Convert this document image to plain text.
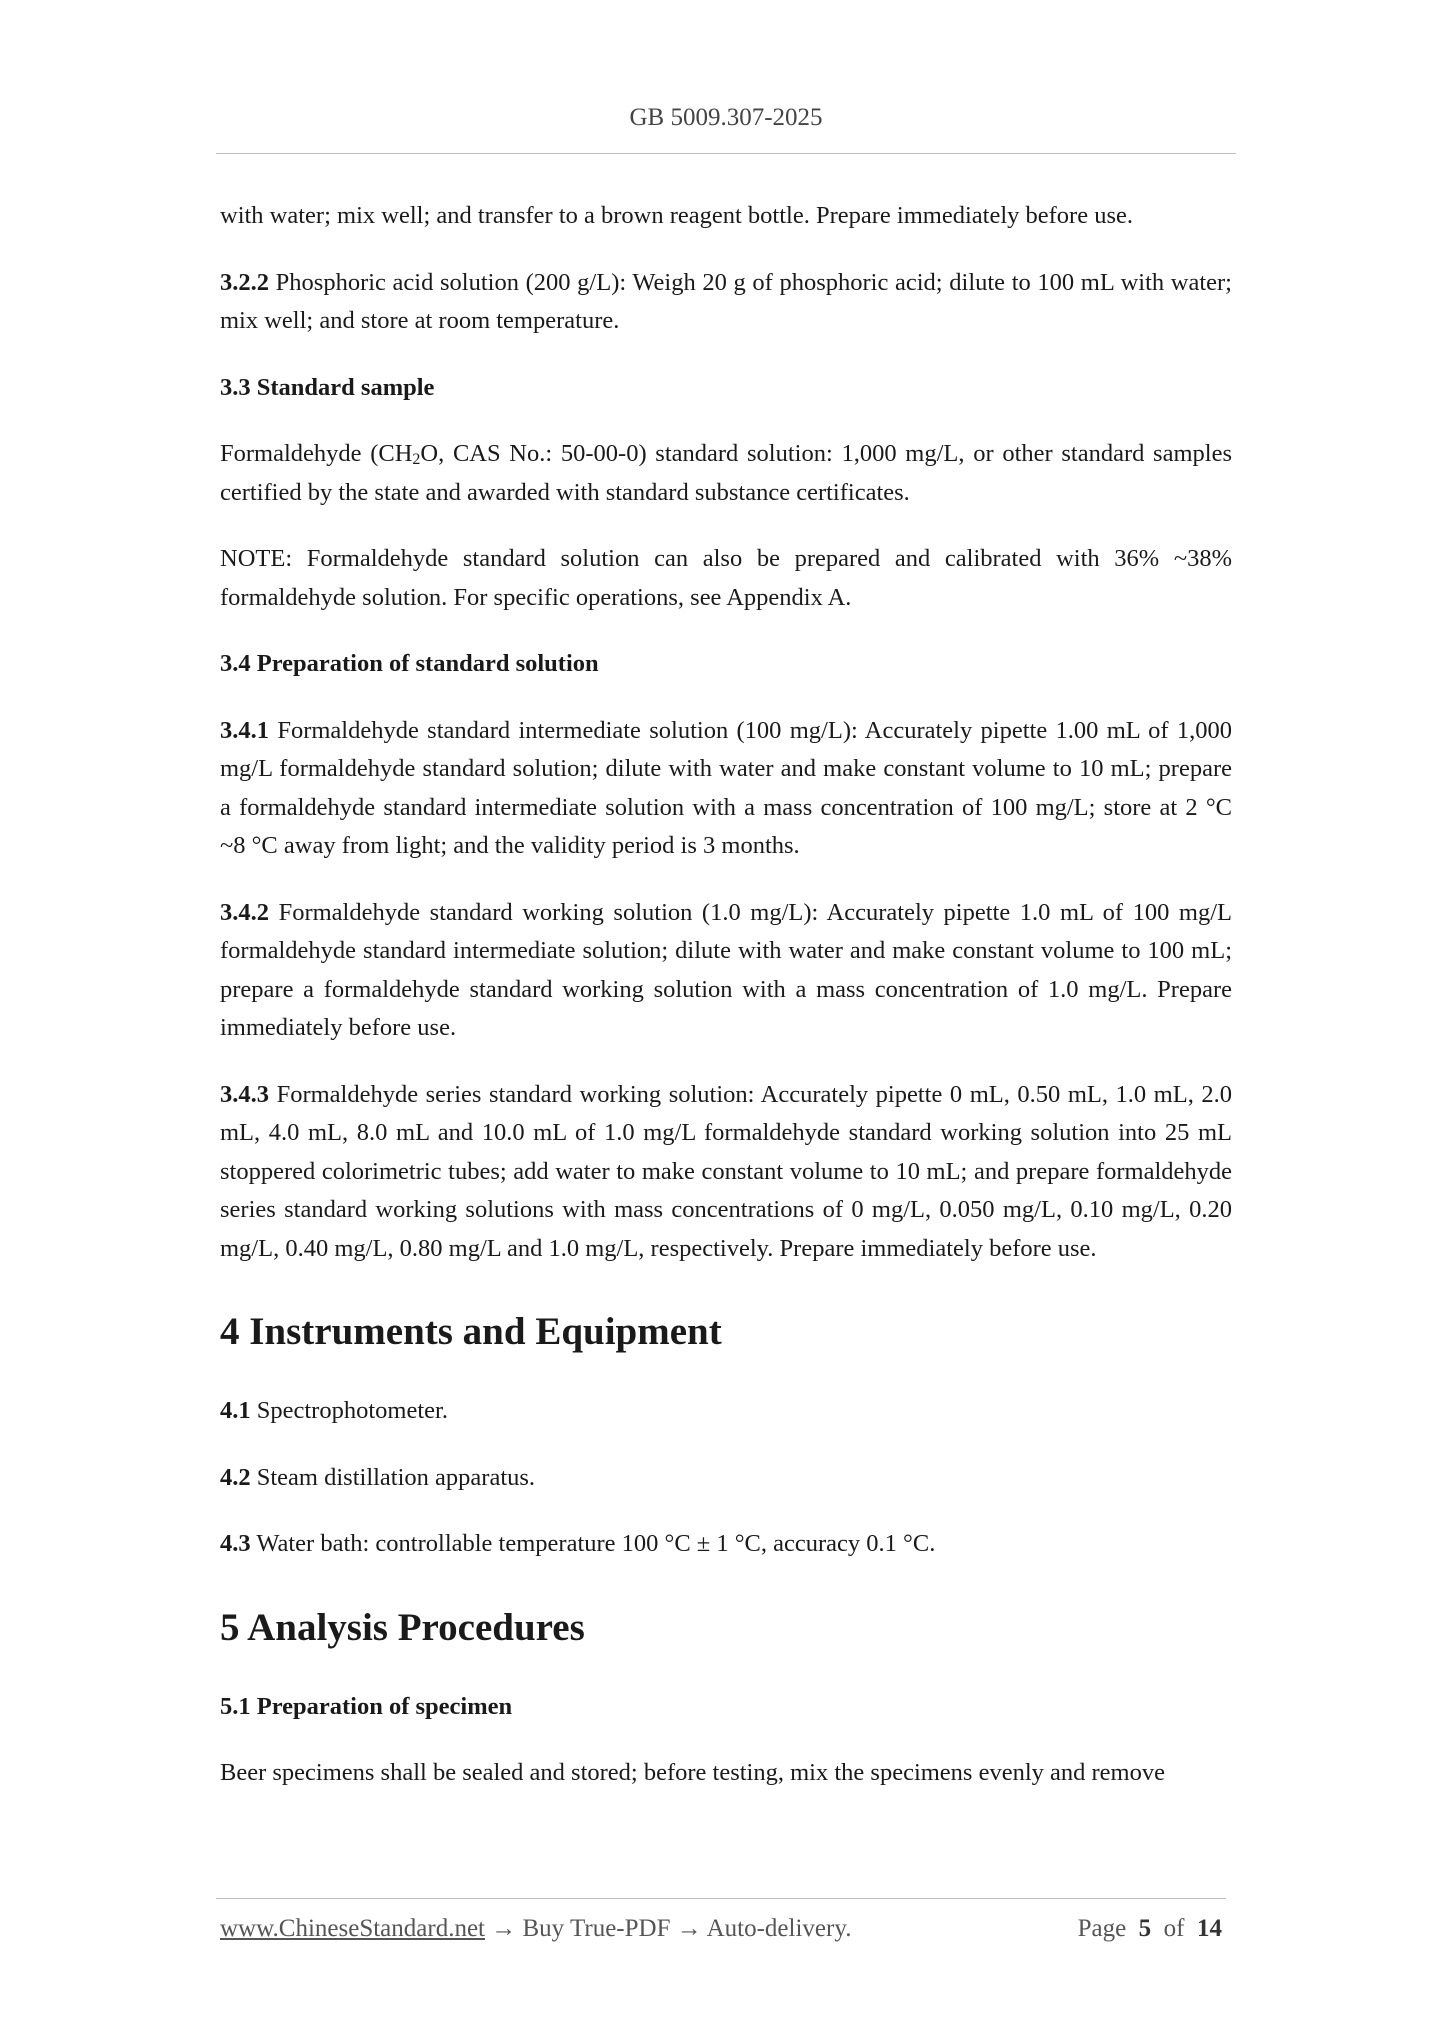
GB 5009.307-2025

with water; mix well; and transfer to a brown reagent bottle. Prepare immediately before use.

3.2.2 Phosphoric acid solution (200 g/L): Weigh 20 g of phosphoric acid; dilute to 100 mL with water; mix well; and store at room temperature.

3.3 Standard sample

Formaldehyde ($CH_2O$, CAS No.: 50-00-0) standard solution: 1,000 mg/L, or other standard samples certified by the state and awarded with standard substance certificates.

NOTE: Formaldehyde standard solution can also be prepared and calibrated with 36% ~38% formaldehyde solution. For specific operations, see Appendix A.

3.4 Preparation of standard solution

3.4.1 Formaldehyde standard intermediate solution (100 mg/L): Accurately pipette 1.00 mL of 1,000 mg/L formaldehyde standard solution; dilute with water and make constant volume to 10 mL; prepare a formaldehyde standard intermediate solution with a mass concentration of 100 mg/L; store at 2 °C ~8 °C away from light; and the validity period is 3 months.

3.4.2 Formaldehyde standard working solution (1.0 mg/L): Accurately pipette 1.0 mL of 100 mg/L formaldehyde standard intermediate solution; dilute with water and make constant volume to 100 mL; prepare a formaldehyde standard working solution with a mass concentration of 1.0 mg/L. Prepare immediately before use.

3.4.3 Formaldehyde series standard working solution: Accurately pipette 0 mL, 0.50 mL, 1.0 mL, 2.0 mL, 4.0 mL, 8.0 mL and 10.0 mL of 1.0 mg/L formaldehyde standard working solution into 25 mL stoppered colorimetric tubes; add water to make constant volume to 10 mL; and prepare formaldehyde series standard working solutions with mass concentrations of 0 mg/L, 0.050 mg/L, 0.10 mg/L, 0.20 mg/L, 0.40 mg/L, 0.80 mg/L and 1.0 mg/L, respectively. Prepare immediately before use.

4 Instruments and Equipment

4.1 Spectrophotometer.

4.2 Steam distillation apparatus.

4.3 Water bath: controllable temperature 100 °C ± 1 °C, accuracy 0.1 °C.

5 Analysis Procedures

5.1 Preparation of specimen

Beer specimens shall be sealed and stored; before testing, mix the specimens evenly and remove

www.ChineseStandard.net → Buy True-PDF → Auto-delivery.	Page 5 of 14
